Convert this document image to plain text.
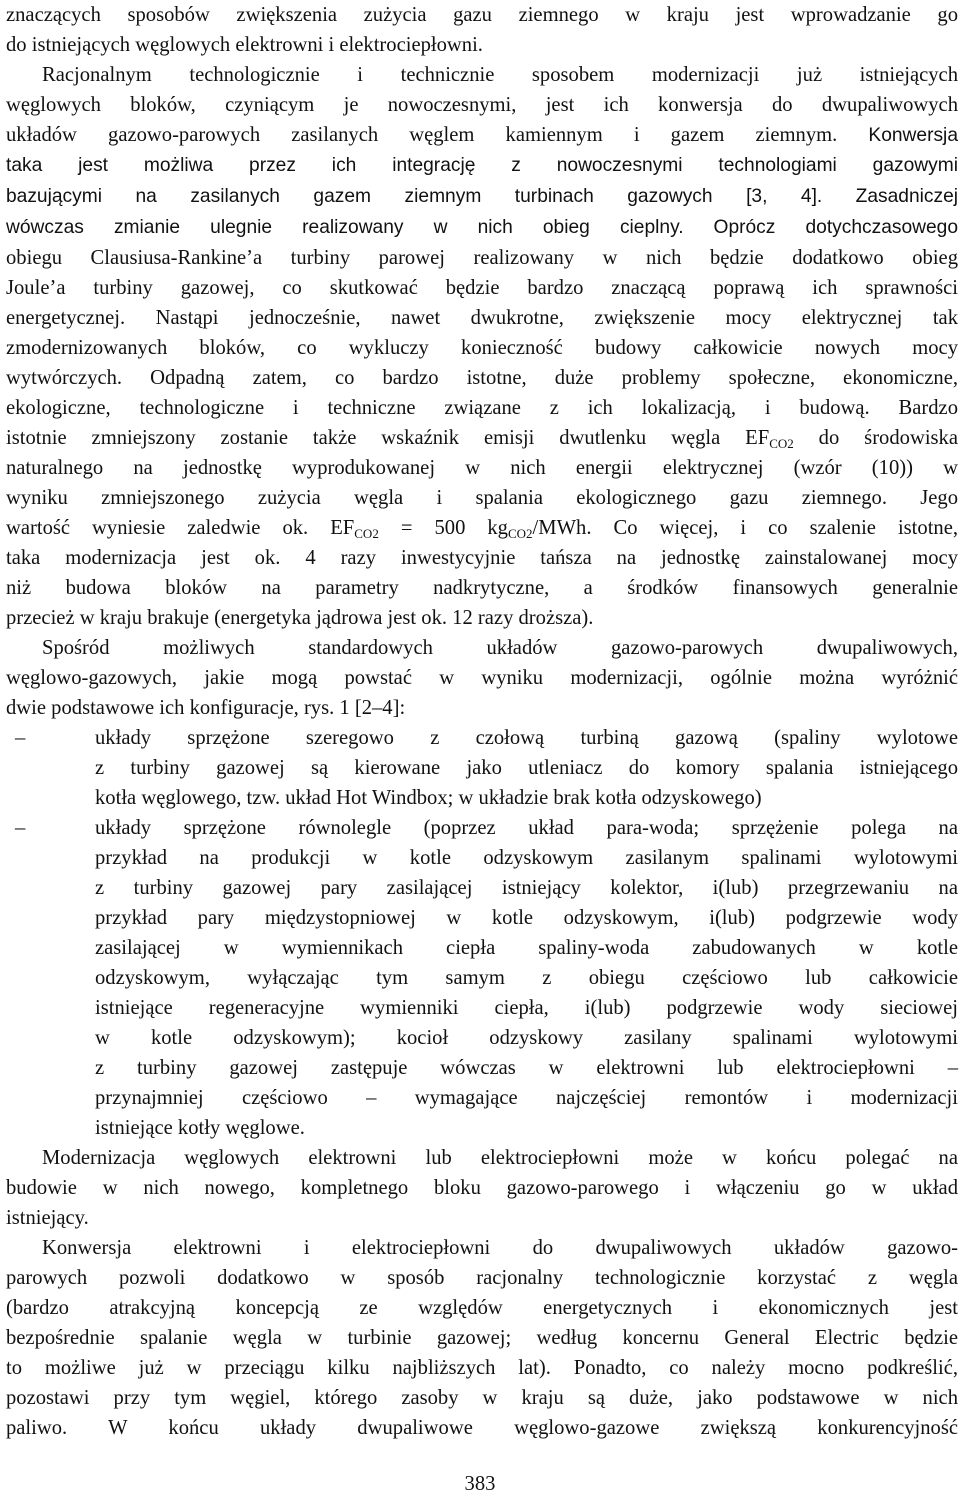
znaczących sposobów zwiększenia zużycia gazu ziemnego w kraju jest wprowadzanie go
do istniejących węglowych elektrowni i elektrociepłowni.
Racjonalnym technologicznie i technicznie sposobem modernizacji już istniejących
węglowych bloków, czyniącym je nowoczesnymi, jest ich konwersja do dwupaliwowych
układów gazowo-parowych zasilanych węglem kamiennym i gazem ziemnym. Konwersja
taka jest możliwa przez ich integrację z nowoczesnymi technologiami gazowymi
bazującymi na zasilanych gazem ziemnym turbinach gazowych [3, 4]. Zasadniczej
wówczas zmianie ulegnie realizowany w nich obieg cieplny. Oprócz dotychczasowego
obiegu Clausiusa-Rankine’a turbiny parowej realizowany w nich będzie dodatkowo obieg
Joule’a turbiny gazowej, co skutkować będzie bardzo znaczącą poprawą ich sprawności
energetycznej. Nastąpi jednocześnie, nawet dwukrotne, zwiększenie mocy elektrycznej tak
zmodernizowanych bloków, co wykluczy konieczność budowy całkowicie nowych mocy
wytwórczych. Odpadną zatem, co bardzo istotne, duże problemy społeczne, ekonomiczne,
ekologiczne, technologiczne i techniczne związane z ich lokalizacją, i budową. Bardzo
istotnie zmniejszony zostanie także wskaźnik emisji dwutlenku węgla $EF_{CO2}$ do środowiska
naturalnego na jednostkę wyprodukowanej w nich energii elektrycznej (wzór (10)) w
wyniku zmniejszonego zużycia węgla i spalania ekologicznego gazu ziemnego. Jego
wartość wyniesie zaledwie ok. $EF_{CO2} = 500$ $kg_{CO2}$/MWh. Co więcej, i co szalenie istotne,
taka modernizacja jest ok. 4 razy inwestycyjnie tańsza na jednostkę zainstalowanej mocy
niż budowa bloków na parametry nadkrytyczne, a środków finansowych generalnie
przecież w kraju brakuje (energetyka jądrowa jest ok. 12 razy droższa).
Spośród możliwych standardowych układów gazowo-parowych dwupaliwowych,
węglowo-gazowych, jakie mogą powstać w wyniku modernizacji, ogólnie można wyróżnić
dwie podstawowe ich konfiguracje, rys. 1 [2–4]:
–	układy sprzężone szeregowo z czołową turbiną gazową (spaliny wylotowe
z turbiny gazowej są kierowane jako utleniacz do komory spalania istniejącego
kotła węglowego, tzw. układ Hot Windbox; w układzie brak kotła odzyskowego)
–	układy sprzężone równolegle (poprzez układ para-woda; sprzężenie polega na
przykład na produkcji w kotle odzyskowym zasilanym spalinami wylotowymi
z turbiny gazowej pary zasilającej istniejący kolektor, i(lub) przegrzewaniu na
przykład pary międzystopniowej w kotle odzyskowym, i(lub) podgrzewie wody
zasilającej w wymiennikach ciepła spaliny-woda zabudowanych w kotle
odzyskowym, wyłączając tym samym z obiegu częściowo lub całkowicie
istniejące regeneracyjne wymienniki ciepła, i(lub) podgrzewie wody sieciowej
w kotle odzyskowym); kocioł odzyskowy zasilany spalinami wylotowymi
z turbiny gazowej zastępuje wówczas w elektrowni lub elektrociepłowni –
przynajmniej częściowo – wymagające najczęściej remontów i modernizacji
istniejące kotły węglowe.
Modernizacja węglowych elektrowni lub elektrociepłowni może w końcu polegać na
budowie w nich nowego, kompletnego bloku gazowo-parowego i włączeniu go w układ
istniejący.
Konwersja elektrowni i elektrociepłowni do dwupaliwowych układów gazowo-
parowych pozwoli dodatkowo w sposób racjonalny technologicznie korzystać z węgla
(bardzo atrakcyjną koncepcją ze względów energetycznych i ekonomicznych jest
bezpośrednie spalanie węgla w turbinie gazowej; według koncernu General Electric będzie
to możliwe już w przeciągu kilku najbliższych lat). Ponadto, co należy mocno podkreślić,
pozostawi przy tym węgiel, którego zasoby w kraju są duże, jako podstawowe w nich
paliwo. W końcu układy dwupaliwowe węglowo-gazowe zwiększą konkurencyjność
383
